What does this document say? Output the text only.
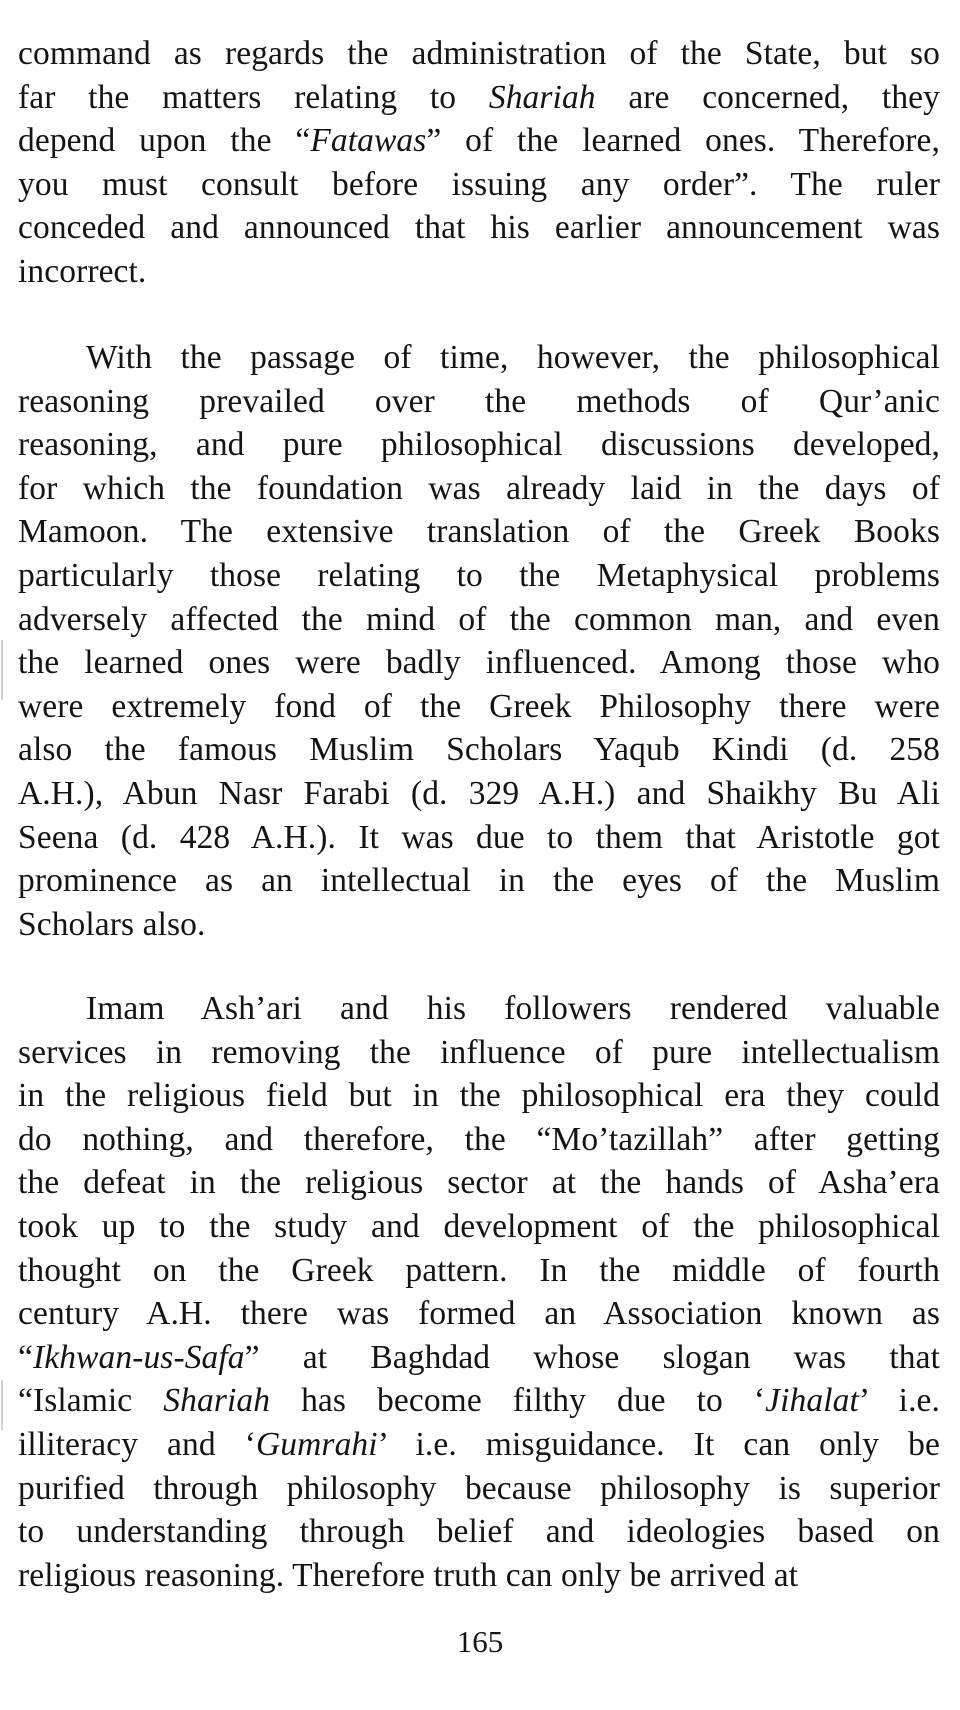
command as regards the administration of the State, but so
far the matters relating to Shariah are concerned, they
depend upon the “Fatawas” of the learned ones. Therefore,
you must consult before issuing any order”. The ruler
conceded and announced that his earlier announcement was
incorrect.
With the passage of time, however, the philosophical
reasoning prevailed over the methods of Qur’anic
reasoning, and pure philosophical discussions developed,
for which the foundation was already laid in the days of
Mamoon. The extensive translation of the Greek Books
particularly those relating to the Metaphysical problems
adversely affected the mind of the common man, and even
the learned ones were badly influenced. Among those who
were extremely fond of the Greek Philosophy there were
also the famous Muslim Scholars Yaqub Kindi (d. 258
A.H.), Abun Nasr Farabi (d. 329 A.H.) and Shaikhy Bu Ali
Seena (d. 428 A.H.). It was due to them that Aristotle got
prominence as an intellectual in the eyes of the Muslim
Scholars also.
Imam Ash’ari and his followers rendered valuable
services in removing the influence of pure intellectualism
in the religious field but in the philosophical era they could
do nothing, and therefore, the “Mo’tazillah” after getting
the defeat in the religious sector at the hands of Asha’era
took up to the study and development of the philosophical
thought on the Greek pattern. In the middle of fourth
century A.H. there was formed an Association known as
“Ikhwan-us-Safa” at Baghdad whose slogan was that
“Islamic Shariah has become filthy due to ‘Jihalat’ i.e.
illiteracy and ‘Gumrahi’ i.e. misguidance. It can only be
purified through philosophy because philosophy is superior
to understanding through belief and ideologies based on
religious reasoning. Therefore truth can only be arrived at
165
